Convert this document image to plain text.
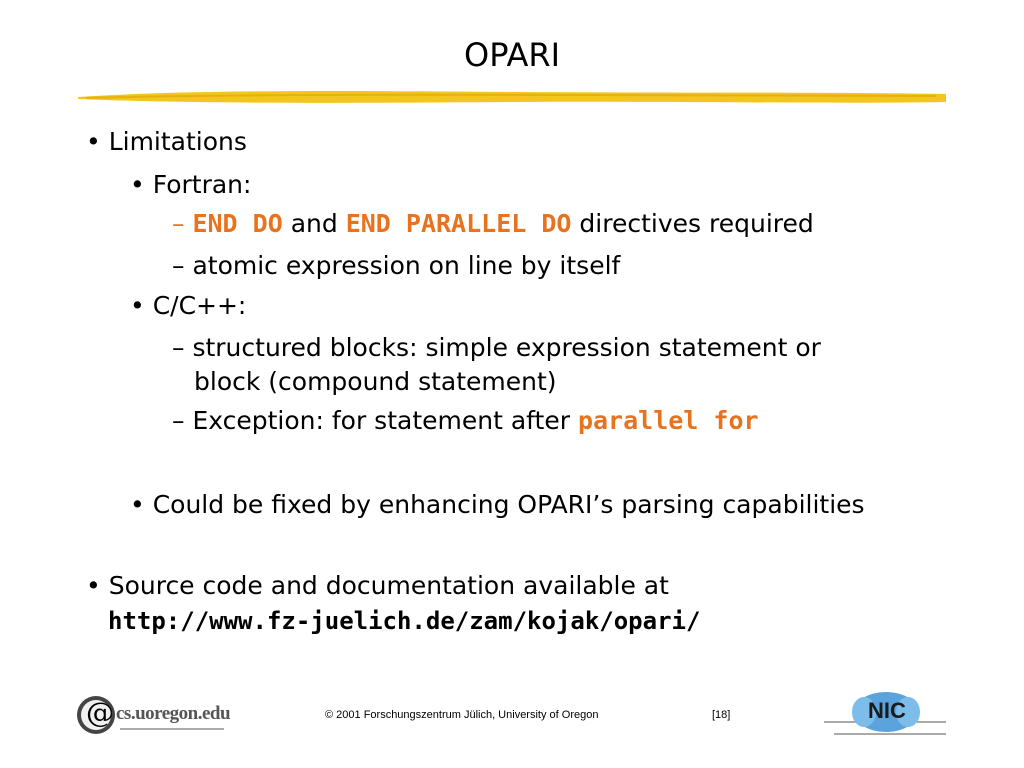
OPARI
• Limitations
• Fortran:
– END DO and END PARALLEL DO directives required
– atomic expression on line by itself
• C/C++:
– structured blocks: simple expression statement or
block (compound statement)
– Exception: for statement after parallel for
• Could be fixed by enhancing OPARI’s parsing capabilities
• Source code and documentation available at
http://www.fz-juelich.de/zam/kojak/opari/
@ cs.uoregon.edu	© 2001 Forschungszentrum Jülich, University of Oregon	[18]	NIC
